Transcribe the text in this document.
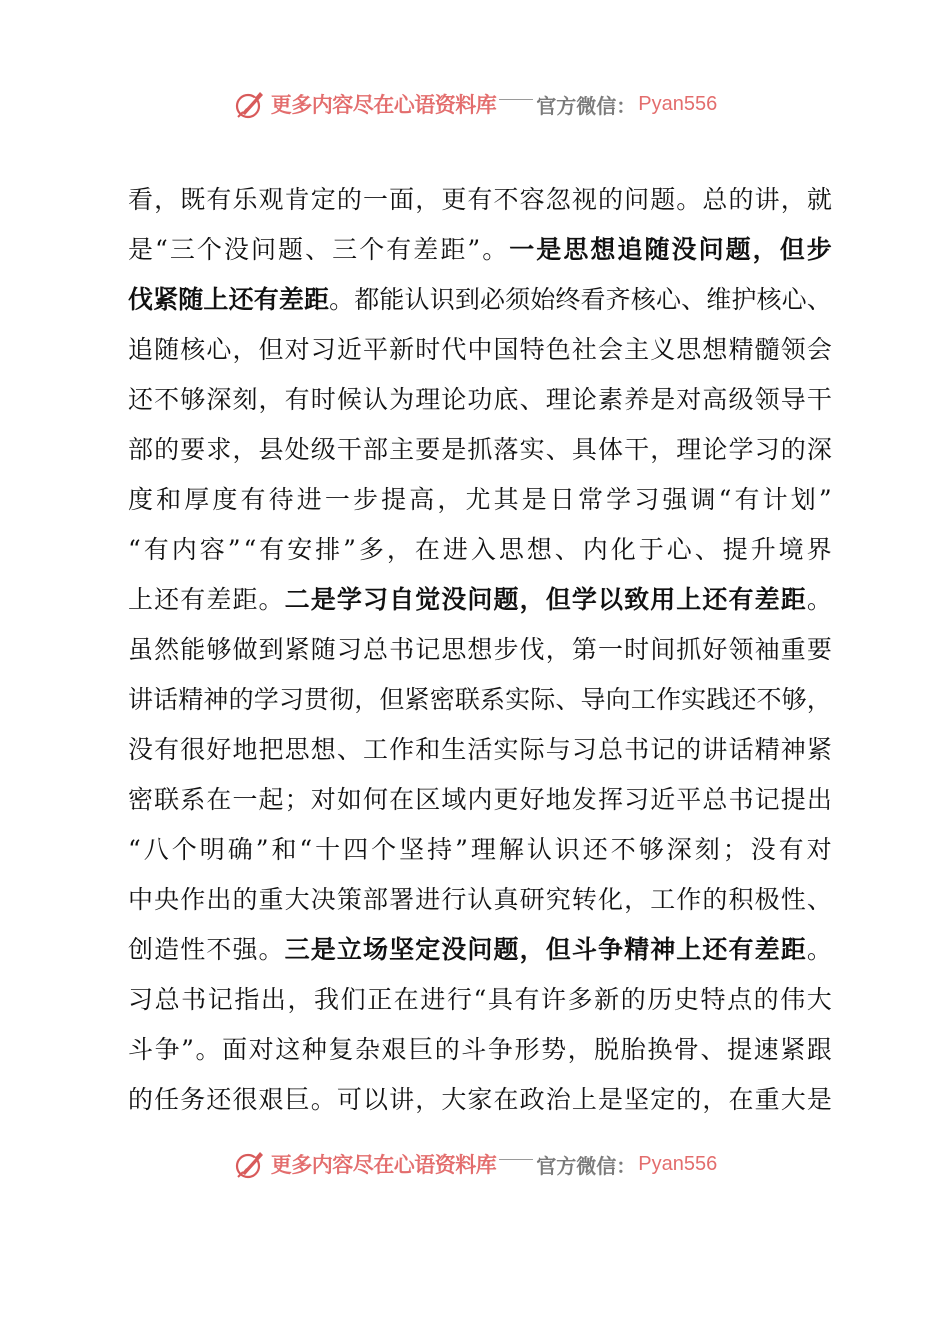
更多内容尽在心语资料库 官方微信： Pyan556
看 ， 既 有 乐 观 肯 定 的 一 面 ， 更 有 不 容 忽 视 的 问 题 。 总 的 讲 ， 就
是 “ 三 个 没 问 题 、 三 个 有 差 距 ” 。 一 是 思 想 追 随 没 问 题 ， 但 步
伐 紧 随 上 还 有 差 距 。 都 能 认 识 到 必 须 始 终 看 齐 核 心 、 维 护 核 心 、
追 随 核 心 ， 但 对 习 近 平 新 时 代 中 国 特 色 社 会 主 义 思 想 精 髓 领 会
还 不 够 深 刻 ， 有 时 候 认 为 理 论 功 底 、 理 论 素 养 是 对 高 级 领 导 干
部 的 要 求 ， 县 处 级 干 部 主 要 是 抓 落 实 、 具 体 干 ， 理 论 学 习 的 深
度 和 厚 度 有 待 进 一 步 提 高 ， 尤 其 是 日 常 学 习 强 调 “ 有 计 划 ”
“ 有 内 容 ” “ 有 安 排 ” 多 ， 在 进 入 思 想 、 内 化 于 心 、 提 升 境 界
上 还 有 差 距 。 二 是 学 习 自 觉 没 问 题 ， 但 学 以 致 用 上 还 有 差 距 。
虽 然 能 够 做 到 紧 随 习 总 书 记 思 想 步 伐 ， 第 一 时 间 抓 好 领 袖 重 要
讲 话 精 神 的 学 习 贯 彻 ， 但 紧 密 联 系 实 际 、 导 向 工 作 实 践 还 不 够 ，
没 有 很 好 地 把 思 想 、 工 作 和 生 活 实 际 与 习 总 书 记 的 讲 话 精 神 紧
密 联 系 在 一 起 ； 对 如 何 在 区 域 内 更 好 地 发 挥 习 近 平 总 书 记 提 出
“ 八 个 明 确 ” 和 “ 十 四 个 坚 持 ” 理 解 认 识 还 不 够 深 刻 ； 没 有 对
中 央 作 出 的 重 大 决 策 部 署 进 行 认 真 研 究 转 化 ， 工 作 的 积 极 性 、
创 造 性 不 强 。 三 是 立 场 坚 定 没 问 题 ， 但 斗 争 精 神 上 还 有 差 距 。
习 总 书 记 指 出 ， 我 们 正 在 进 行 “ 具 有 许 多 新 的 历 史 特 点 的 伟 大
斗 争 ” 。 面 对 这 种 复 杂 艰 巨 的 斗 争 形 势 ， 脱 胎 换 骨 、 提 速 紧 跟
的 任 务 还 很 艰 巨 。 可 以 讲 ， 大 家 在 政 治 上 是 坚 定 的 ， 在 重 大 是
更多内容尽在心语资料库 官方微信： Pyan556
